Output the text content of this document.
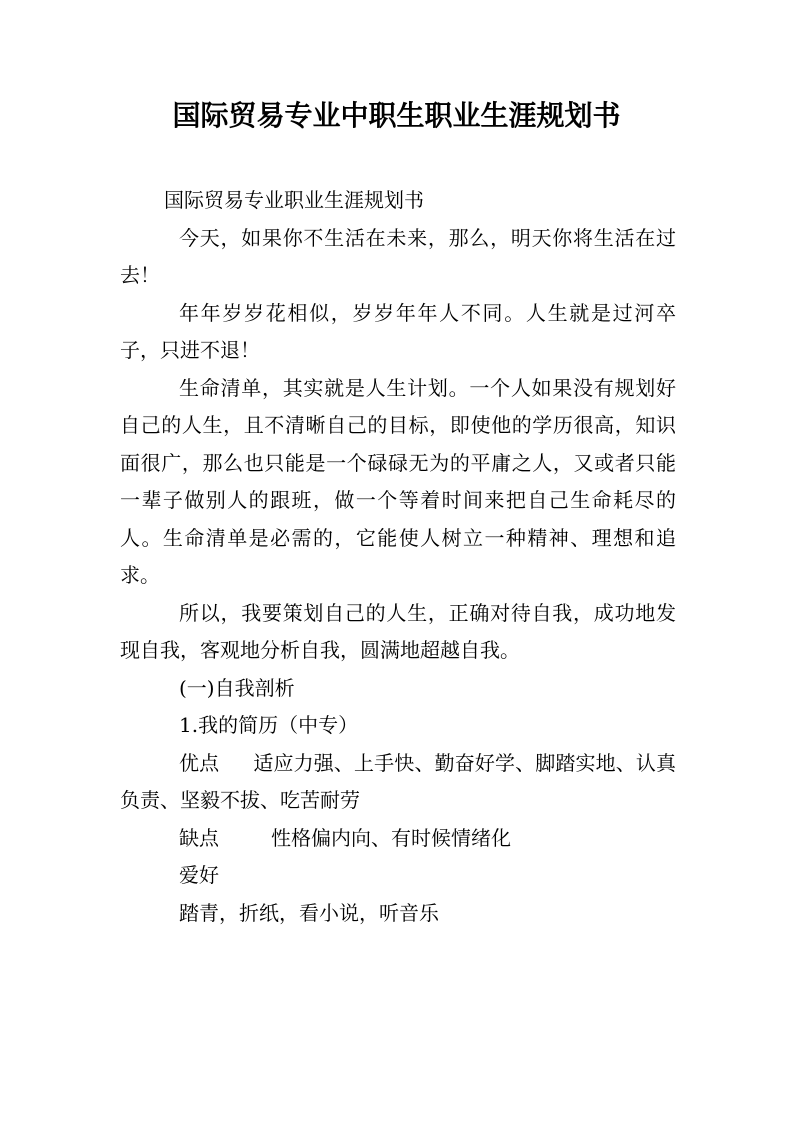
国际贸易专业中职生职业生涯规划书

国际贸易专业职业生涯规划书

今天，如果你不生活在未来，那么，明天你将生活在过去！

年年岁岁花相似，岁岁年年人不同。人生就是过河卒子，只进不退！

生命清单，其实就是人生计划。一个人如果没有规划好自己的人生，且不清晰自己的目标，即使他的学历很高，知识面很广，那么也只能是一个碌碌无为的平庸之人，又或者只能一辈子做别人的跟班，做一个等着时间来把自己生命耗尽的人。生命清单是必需的，它能使人树立一种精神、理想和追求。

所以，我要策划自己的人生，正确对待自我，成功地发现自我，客观地分析自我，圆满地超越自我。

(一)自我剖析

1.我的简历（中专）

优点 适应力强、上手快、勤奋好学、脚踏实地、认真负责、坚毅不拔、吃苦耐劳

缺点	性格偏内向、有时候情绪化

爱好

踏青，折纸，看小说，听音乐
